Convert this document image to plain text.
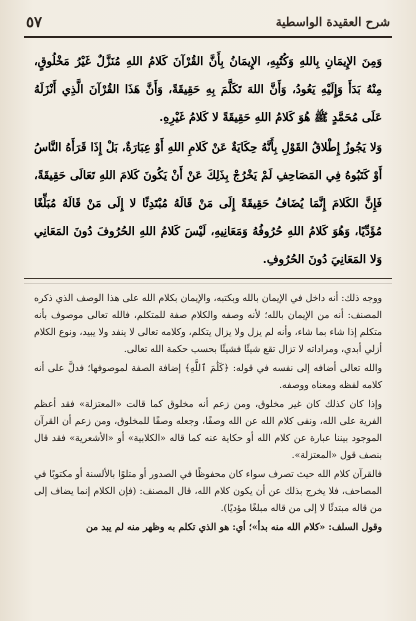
شرح العقيدة الواسطية
٥٧

وَمِنَ الإِيمَانِ بِاللهِ وَكُتُبِهِ، الإِيمَانُ بِأَنَّ القُرْآنَ كَلامُ اللهِ مُنَزَّلٌ غَيْرُ مَخْلُوقٍ، مِنْهُ بَدَأَ وَإِلَيْهِ يَعُودُ، وَأَنَّ اللهَ تَكَلَّمَ بِهِ حَقِيقَةً، وَأَنَّ هَذَا القُرْآنَ الَّذِي أَنْزَلَهُ عَلَى مُحَمَّدٍ ﷺ هُوَ كَلامُ اللهِ حَقِيقَةً لا كَلامُ غَيْرِهِ.

وَلا يَجُوزُ إِطْلاقُ القَوْلِ بِأَنَّهُ حِكَايَةٌ عَنْ كَلامِ اللهِ أَوْ عِبَارَةٌ، بَلْ إِذَا قَرَأَهُ النَّاسُ أَوْ كَتَبُوهُ فِي المَصَاحِفِ لَمْ يَخْرُجْ بِذَلِكَ عَنْ أَنْ يَكُونَ كَلامَ اللهِ تَعَالَى حَقِيقَةً، فَإِنَّ الكَلامَ إِنَّمَا يُضَافُ حَقِيقَةً إِلَى مَنْ قَالَهُ مُبْتَدِئًا لا إِلَى مَنْ قَالَهُ مُبَلِّغًا مُؤَدِّيًا، وَهُوَ كَلامُ اللهِ حُرُوفُهُ وَمَعَانِيهِ، لَيْسَ كَلامُ اللهِ الحُرُوفَ دُونَ المَعَانِي وَلا المَعَانِيَ دُونَ الحُرُوفِ.

ووجه ذلك: أنه داخل في الإيمان بالله وبكتبه، والإيمان بكلام الله على هذا الوصف الذي ذكره المصنف: أنه من الإيمان بالله؛ لأنه وصفه والكلام صفة للمتكلم، فالله تعالى موصوف بأنه متكلم إذا شاء بما شاء، وأنه لم يزل ولا يزال يتكلم، وكلامه تعالى لا ينفد ولا يبيد، ونوع الكلام أزلي أبدي، ومراداته لا تزال تقع شيئًا فشيئًا بحسب حكمة الله تعالى.

والله تعالى أضافه إلى نفسه في قوله: ﴿كَلَٰمَ ٱللَّهِ﴾ إضافة الصفة لموصوفها؛ فدلَّ على أنه كلامه لفظه ومعناه ووصفه.

وإذا كان كذلك كان غير مخلوق، ومن زعم أنه مخلوق كما قالت «المعتزلة» فقد أعظم الفرية على الله، ونفى كلام الله عن الله وصفًا، وجعله وصفًا للمخلوق، ومن زعم أن القرآن الموجود بيننا عبارة عن كلام الله أو حكاية عنه كما قاله «الكلابية» أو «الأشعرية» فقد قال بنصف قول «المعتزلة».

فالقرآن كلام الله حيث تصرف سواء كان محفوظًا في الصدور أو متلوًا بالألسنة أو مكتوبًا في المصاحف، فلا يخرج بذلك عن أن يكون كلام الله، قال المصنف: (فإن الكلام إنما يضاف إلى من قاله مبتدئًا لا إلى من قاله مبلغًا مؤديًا).

وقول السلف: «كلام الله منه بدأ»؛ أي: هو الذي تكلم به وظهر منه لم يبد من
